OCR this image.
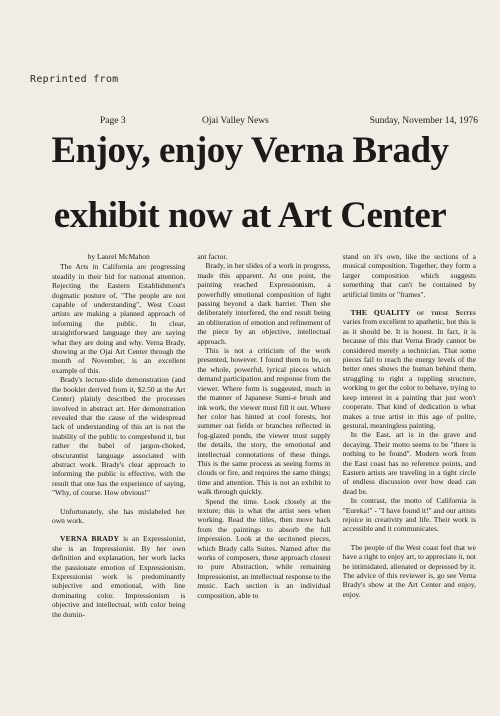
Reprinted from
Page 3	Ojai Valley News	Sunday, November 14, 1976
Enjoy, enjoy Verna Brady
exhibit now at Art Center

by Laurel McMahon

The Arts in California are progressing steadily in their bid for national attention. Rejecting the Eastern Establishment's dogmatic posture of, "The people are not capable of understanding", West Coast artists are making a planned approach of informing the public. In clear, straightforward language they are saying what they are doing and why. Verna Brady, showing at the Ojai Art Center through the month of November, is an excellent example of this.

Brady's lecture-slide demonstration (and the booklet derived from it, $2.50 at the Art Center) plainly described the processes involved in abstract art. Her demonstration revealed that the cause of the widespread lack of understanding of this art is not the inability of the public to comprehend it, but rather the babel of jargon-choked, obscurantist language associated with abstract work. Brady's clear approach to informing the public is effective, with the result that one has the experience of saying, "Why, of course. How obvious!"

Unfortunately, she has mislabeled her own work.

VERNA BRADY is an Expressionist, she is an Impressionist. By her own definition and explanation, her work lacks the passionate emotion of Expressionism. Expressionist work is predominantly subjective and emotional, with line dominating color. Impressionism is objective and intellectual, with color being the domin-

ant factor.

Brady, in her slides of a work in progress, made this apparent. At one point, the painting reached Expressionism, a powerfully emotional composition of light passing beyond a dark barrier. Then she deliberately interfered, the end result being an obliteration of emotion and refinement of the piece by an objective, intellectual approach.

This is not a criticism of the work presented, however. I found them to be, on the whole, powerful, lyrical pieces which demand participation and response from the viewer. Where form is suggested, much in the manner of Japanese Sumi-e brush and ink work, the viewer must fill it out. Where her color has hinted at cool forests, hot summer oat fields or branches reflected in fog-glazed ponds, the viewer must supply the details, the story, the emotional and intellectual connotations of these things. This is the same process as seeing forms in clouds or fire, and requires the same things; time and attention. This is not an exhibit to walk through quickly.

Spend the time. Look closely at the texture; this is what the artist sees when working. Read the titles, then move back from the paintings to absorb the full impression. Look at the sectioned pieces, which Brady calls Suites. Named after the works of composers, these approach closest to pure Abstraction, while remaining Impressionist, an intellectual response to the music. Each section is an individual composition, able to

stand on it's own, like the sections of a musical composition. Together, they form a larger composition which suggests something that can't be contained by artificial limits or "frames".

THE QUALITY of these Suites varies from excellent to apathetic, but this is as it should be. It is honest. In fact, it is because of this that Verna Brady cannot be considered merely a technician. That some pieces fail to reach the energy levels of the better ones shows the human behind them, struggling to right a toppling structure, working to get the color to behave, trying to keep interest in a painting that just won't cooperate. That kind of dedication is what makes a true artist in this age of polite, gestural, meaningless painting.

In the East, art is in the grave and decaying. Their motto seems to be "there is nothing to be found". Modern work from the East coast has no reference points, and Eastern artists are traveling in a tight circle of endless discussion over how dead can dead be.

In contrast, the motto of California is "Eureka!" - "I have found it!" and our artists rejoice in creativity and life. Their work is accessible and it communicates.

The people of the West coast feel that we have a right to enjoy art, to appreciate it, not be intimidated, alienated or depressed by it. The advice of this reviewer is, go see Verna Brady's show at the Art Center and enjoy, enjoy.
